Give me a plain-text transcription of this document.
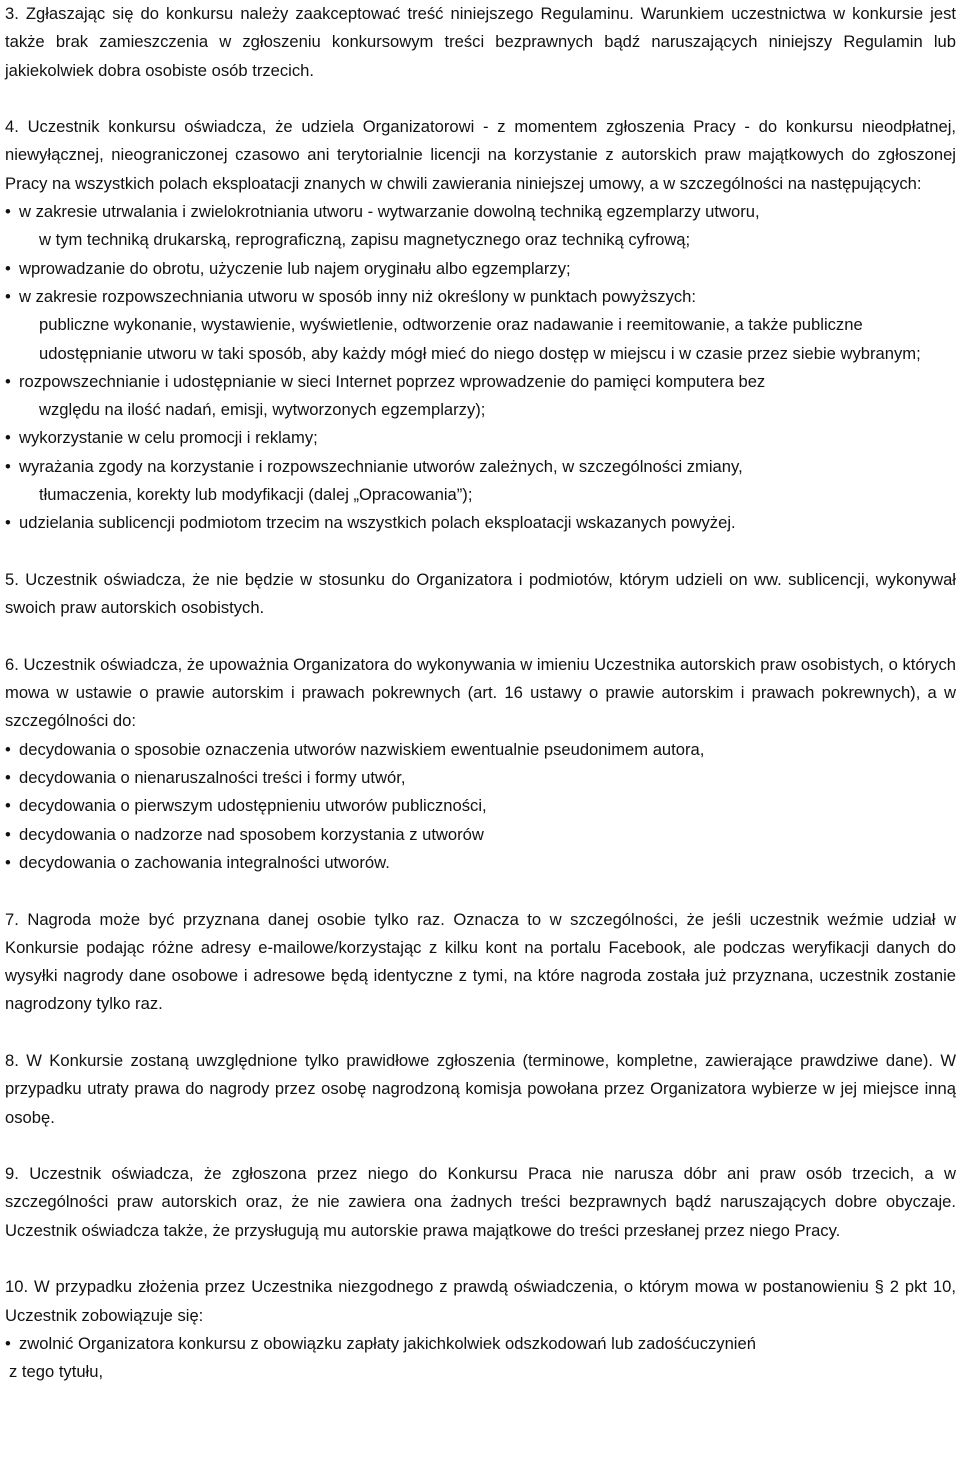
3. Zgłaszając się do konkursu należy zaakceptować treść niniejszego Regulaminu. Warunkiem uczestnictwa w konkursie jest także brak zamieszczenia w zgłoszeniu konkursowym treści bezprawnych bądź naruszających niniejszy Regulamin lub jakiekolwiek dobra osobiste osób trzecich.

4. Uczestnik konkursu oświadcza, że udziela Organizatorowi - z momentem zgłoszenia Pracy - do konkursu nieodpłatnej, niewyłącznej, nieograniczonej czasowo ani terytorialnie licencji na korzystanie z autorskich praw majątkowych do zgłoszonej Pracy na wszystkich polach eksploatacji znanych w chwili zawierania niniejszej umowy, a w szczególności na następujących:

• w zakresie utrwalania i zwielokrotniania utworu - wytwarzanie dowolną techniką egzemplarzy utworu,
w tym techniką drukarską, reprograficzną, zapisu magnetycznego oraz techniką cyfrową;
• wprowadzanie do obrotu, użyczenie lub najem oryginału albo egzemplarzy;
• w zakresie rozpowszechniania utworu w sposób inny niż określony w punktach powyższych:
publiczne wykonanie, wystawienie, wyświetlenie, odtworzenie oraz nadawanie i reemitowanie, a także publiczne udostępnianie utworu w taki sposób, aby każdy mógł mieć do niego dostęp w miejscu i w czasie przez siebie wybranym;
• rozpowszechnianie i udostępnianie w sieci Internet poprzez wprowadzenie do pamięci komputera bez
względu na ilość nadań, emisji, wytworzonych egzemplarzy);
• wykorzystanie w celu promocji i reklamy;
• wyrażania zgody na korzystanie i rozpowszechnianie utworów zależnych, w szczególności zmiany,
tłumaczenia, korekty lub modyfikacji (dalej „Opracowania”);
• udzielania sublicencji podmiotom trzecim na wszystkich polach eksploatacji wskazanych powyżej.

5. Uczestnik oświadcza, że nie będzie w stosunku do Organizatora i podmiotów, którym udzieli on ww. sublicencji, wykonywał swoich praw autorskich osobistych.

6. Uczestnik oświadcza, że upoważnia Organizatora do wykonywania w imieniu Uczestnika autorskich praw osobistych, o których mowa w ustawie o prawie autorskim i prawach pokrewnych (art. 16 ustawy o prawie autorskim i prawach pokrewnych), a w szczególności do:

• decydowania o sposobie oznaczenia utworów nazwiskiem ewentualnie pseudonimem autora,
• decydowania o nienaruszalności treści i formy utwór,
• decydowania o pierwszym udostępnieniu utworów publiczności,
• decydowania o nadzorze nad sposobem korzystania z utworów
• decydowania o zachowania integralności utworów.

7. Nagroda może być przyznana danej osobie tylko raz. Oznacza to w szczególności, że jeśli uczestnik weźmie udział w Konkursie podając różne adresy e-mailowe/korzystając z kilku kont na portalu Facebook, ale podczas weryfikacji danych do wysyłki nagrody dane osobowe i adresowe będą identyczne z tymi, na które nagroda została już przyznana, uczestnik zostanie nagrodzony tylko raz.

8. W Konkursie zostaną uwzględnione tylko prawidłowe zgłoszenia (terminowe, kompletne, zawierające prawdziwe dane). W przypadku utraty prawa do nagrody przez osobę nagrodzoną komisja powołana przez Organizatora wybierze w jej miejsce inną osobę.

9. Uczestnik oświadcza, że zgłoszona przez niego do Konkursu Praca nie narusza dóbr ani praw osób trzecich, a w szczególności praw autorskich oraz, że nie zawiera ona żadnych treści bezprawnych bądź naruszających dobre obyczaje. Uczestnik oświadcza także, że przysługują mu autorskie prawa majątkowe do treści przesłanej przez niego Pracy.

10. W przypadku złożenia przez Uczestnika niezgodnego z prawdą oświadczenia, o którym mowa w postanowieniu § 2 pkt 10, Uczestnik zobowiązuje się:

• zwolnić Organizatora konkursu z obowiązku zapłaty jakichkolwiek odszkodowań lub zadośćuczynień
z tego tytułu,
